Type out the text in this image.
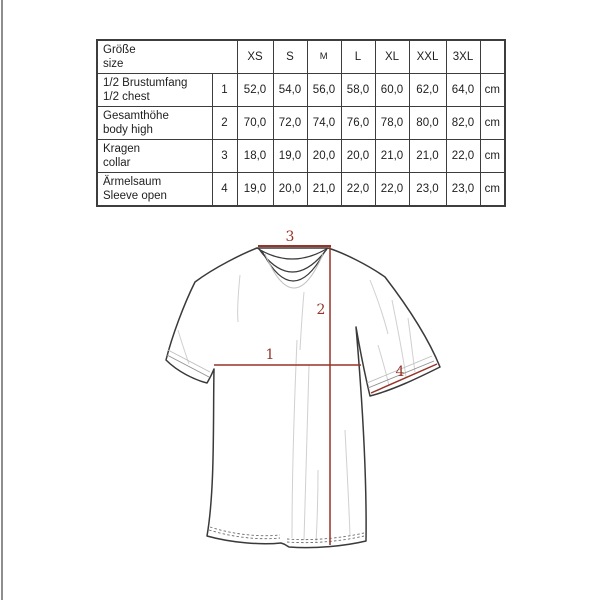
3
2
1
4
Größe
size		XS	S	M	L	XL	XXL	3XL	

1/2 Brustumfang
1/2 chest	1	52,0	54,0	56,0	58,0	60,0	62,0	64,0	cm

Gesamthöhe
body high	2	70,0	72,0	74,0	76,0	78,0	80,0	82,0	cm

Kragen
collar	3	18,0	19,0	20,0	20,0	21,0	21,0	22,0	cm

Ärmelsaum
Sleeve open	4	19,0	20,0	21,0	22,0	22,0	23,0	23,0	cm
